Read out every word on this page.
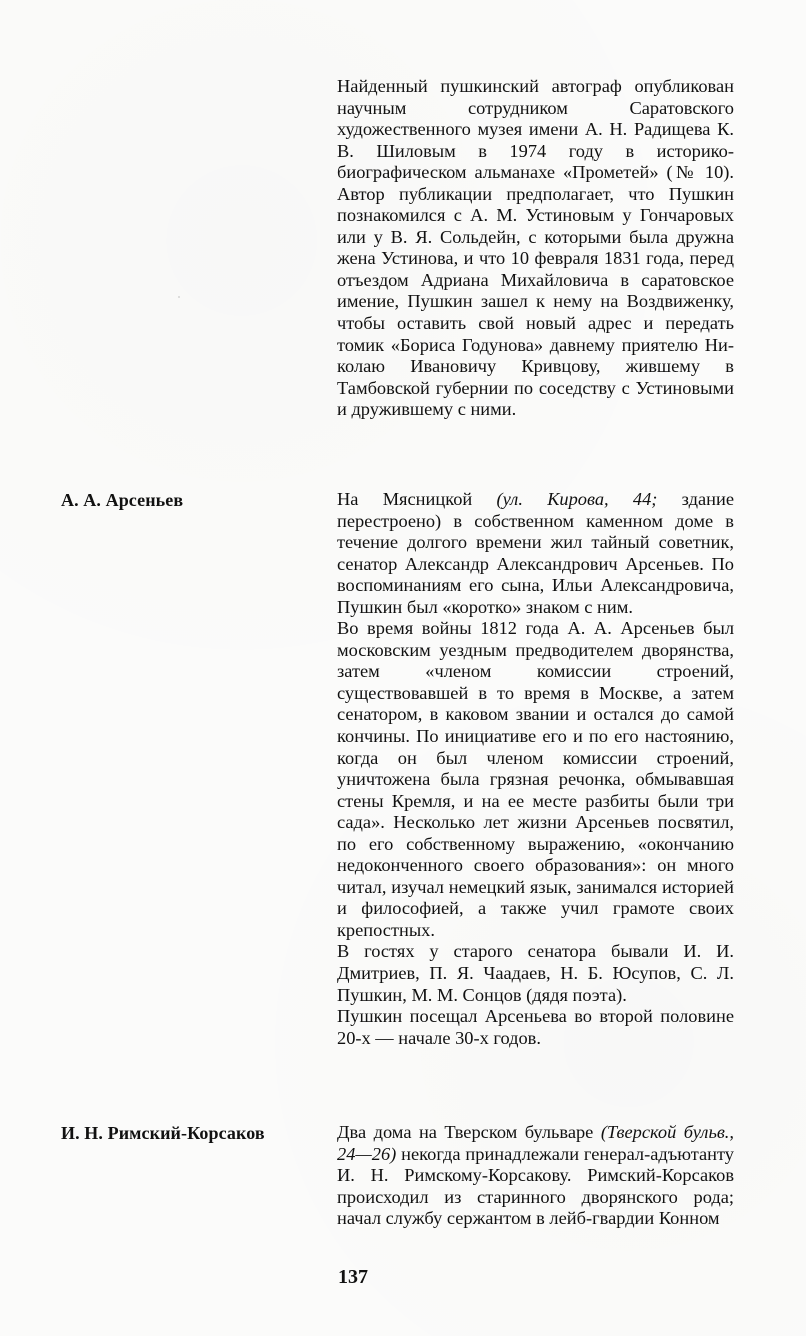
Найденный пушкинский автограф опубликован научным сотрудником Саратовского художественного музея имени А. Н. Радищева К. В. Шиловым в 1974 году в историко-биографическом альманахе «Прометей» (№ 10). Автор публикации предполагает, что Пушкин познакомился с А. М. Устиновым у Гончаровых или у В. Я. Сольдейн, с которыми была дружна жена Устинова, и что 10 февраля 1831 года, перед отъездом Адриана Михайловича в саратовское имение, Пушкин зашел к нему на Воздвиженку, чтобы оставить свой новый адрес и передать томик «Бориса Годунова» давнему приятелю Николаю Ивановичу Кривцову, жившему в Тамбовской губернии по соседству с Устиновыми и дружившему с ними.

А. А. Арсеньев	На Мясницкой (ул. Кирова, 44; здание перестроено) в собственном каменном доме в течение долгого времени жил тайный советник, сенатор Александр Александрович Арсеньев. По воспоминаниям его сына, Ильи Александровича, Пушкин был «коротко» знаком с ним.

Во время войны 1812 года А. А. Арсеньев был московским уездным предводителем дворянства, затем «членом комиссии строений, существовавшей в то время в Москве, а затем сенатором, в каковом звании и остался до самой кончины. По инициативе его и по его настоянию, когда он был членом комиссии строений, уничтожена была грязная речонка, обмывавшая стены Кремля, и на ее месте разбиты были три сада». Несколько лет жизни Арсеньев посвятил, по его собственному выражению, «окончанию недоконченного своего образования»: он много читал, изучал немецкий язык, занимался историей и философией, а также учил грамоте своих крепостных.

В гостях у старого сенатора бывали И. И. Дмитриев, П. Я. Чаадаев, Н. Б. Юсупов, С. Л. Пушкин, М. М. Сонцов (дядя поэта).

Пушкин посещал Арсеньева во второй половине 20-х — начале 30-х годов.

И. Н. Римский-Корсаков	Два дома на Тверском бульваре (Тверской бульв., 24—26) некогда принадлежали генерал-адъютанту И. Н. Римскому-Корсакову. Римский-Корсаков происходил из старинного дворянского рода; начал службу сержантом в лейб-гвардии Конном

137
